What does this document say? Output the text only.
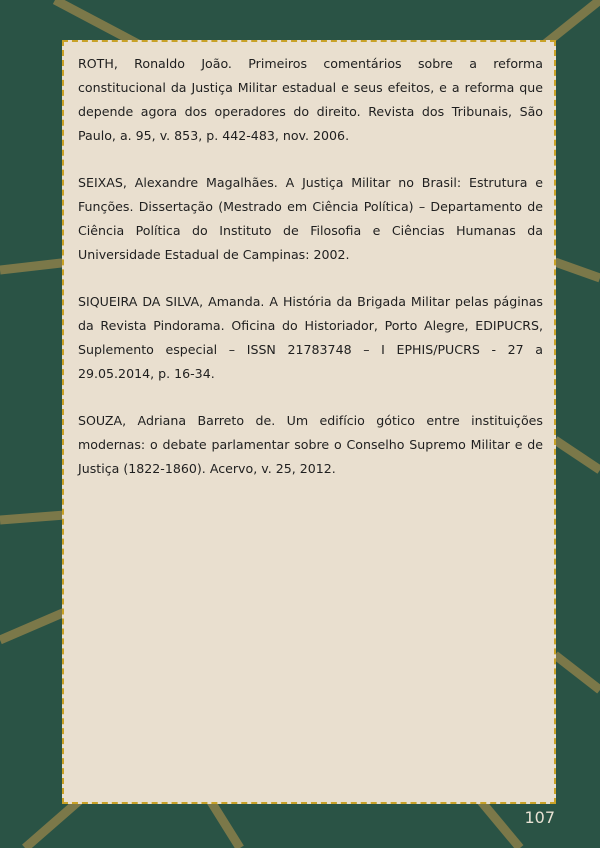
ROTH, Ronaldo João. Primeiros comentários sobre a reforma constitucional da Justiça Militar estadual e seus efeitos, e a reforma que depende agora dos operadores do direito. Revista dos Tribunais, São Paulo, a. 95, v. 853, p. 442-483, nov. 2006.
SEIXAS, Alexandre Magalhães. A Justiça Militar no Brasil: Estrutura e Funções. Dissertação (Mestrado em Ciência Política) – Departamento de Ciência Política do Instituto de Filosofia e Ciências Humanas da Universidade Estadual de Campinas: 2002.
SIQUEIRA DA SILVA, Amanda. A História da Brigada Militar pelas páginas da Revista Pindorama. Oficina do Historiador, Porto Alegre, EDIPUCRS, Suplemento especial – ISSN 21783748 – I EPHIS/PUCRS - 27 a 29.05.2014, p. 16-34.
SOUZA, Adriana Barreto de. Um edifício gótico entre instituições modernas: o debate parlamentar sobre o Conselho Supremo Militar e de Justiça (1822-1860). Acervo, v. 25, 2012.
107
